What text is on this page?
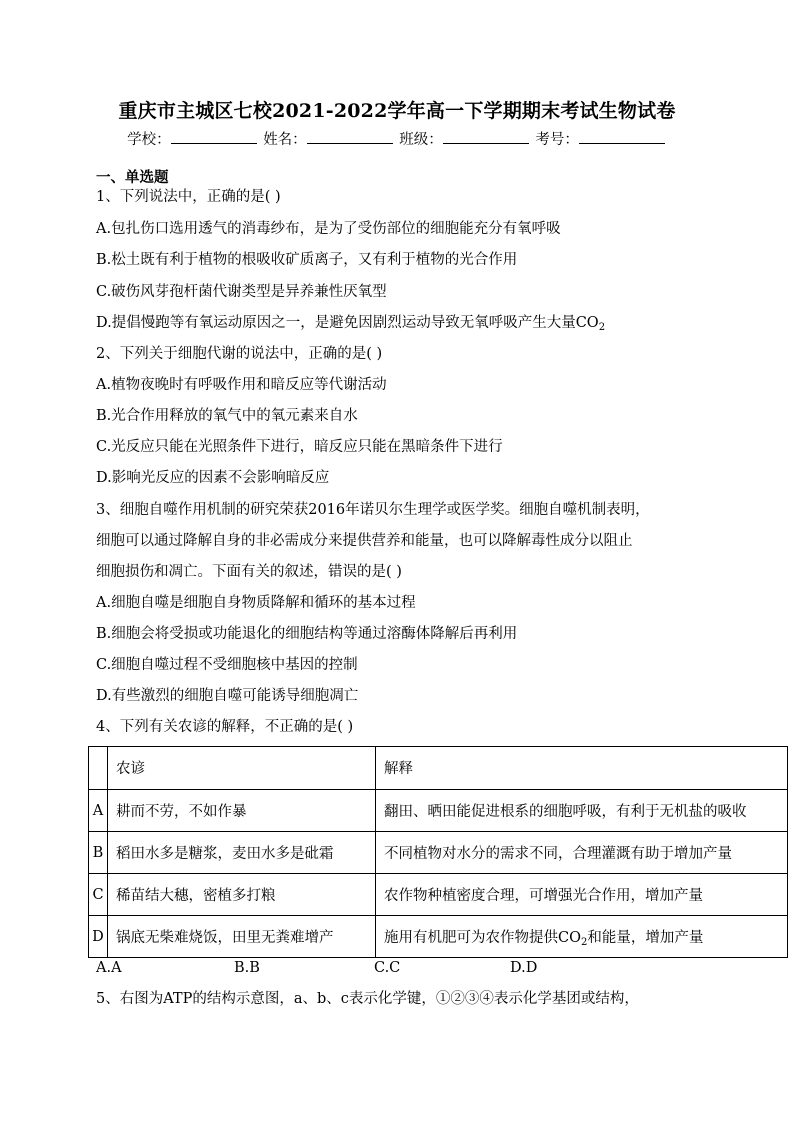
重庆市主城区七校2021-2022学年高一下学期期末考试生物试卷
学校：	姓名：	班级：	考号：
一、单选题
1、下列说法中，正确的是( )
A.包扎伤口选用透气的消毒纱布，是为了受伤部位的细胞能充分有氧呼吸
B.松土既有利于植物的根吸收矿质离子，又有利于植物的光合作用
C.破伤风芽孢杆菌代谢类型是异养兼性厌氧型
D.提倡慢跑等有氧运动原因之一，是避免因剧烈运动导致无氧呼吸产生大量$CO_2$
2、下列关于细胞代谢的说法中，正确的是( )
A.植物夜晚时有呼吸作用和暗反应等代谢活动
B.光合作用释放的氧气中的氧元素来自水
C.光反应只能在光照条件下进行，暗反应只能在黑暗条件下进行
D.影响光反应的因素不会影响暗反应
3、细胞自噬作用机制的研究荣获2016年诺贝尔生理学或医学奖。细胞自噬机制表明，
细胞可以通过降解自身的非必需成分来提供营养和能量，也可以降解毒性成分以阻止
细胞损伤和凋亡。下面有关的叙述，错误的是( )
A.细胞自噬是细胞自身物质降解和循环的基本过程
B.细胞会将受损或功能退化的细胞结构等通过溶酶体降解后再利用
C.细胞自噬过程不受细胞核中基因的控制
D.有些激烈的细胞自噬可能诱导细胞凋亡
4、下列有关农谚的解释，不正确的是( )
	农谚	解释
A	耕而不劳，不如作暴	翻田、晒田能促进根系的细胞呼吸，有利于无机盐的吸收
B	稻田水多是糖浆，麦田水多是砒霜	不同植物对水分的需求不同，合理灌溉有助于增加产量
C	稀苗结大穗，密植多打粮	农作物种植密度合理，可增强光合作用，增加产量
D	锅底无柴难烧饭，田里无粪难增产	施用有机肥可为农作物提供$CO_2$和能量，增加产量
A.A	B.B	C.C	D.D
5、右图为ATP的结构示意图，a、b、c表示化学键，①②③④表示化学基团或结构，
